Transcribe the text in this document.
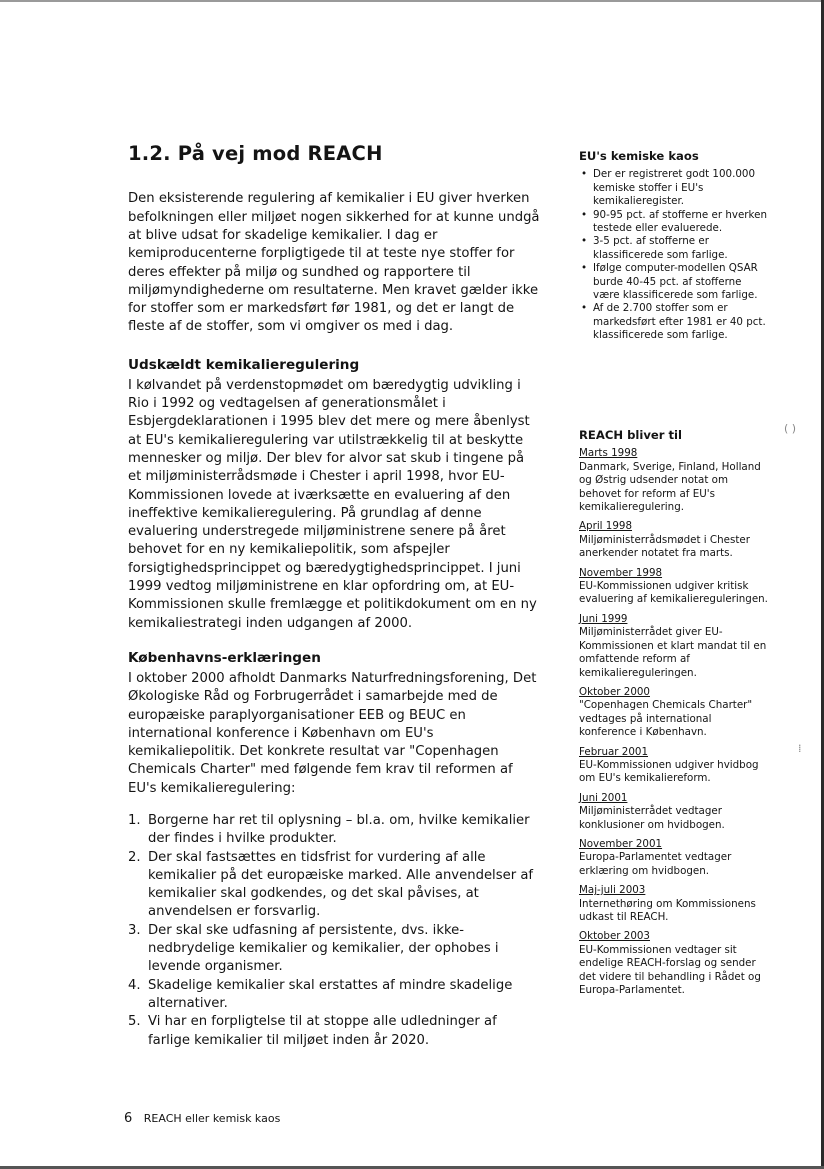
1.2. På vej mod REACH

Den eksisterende regulering af kemikalier i EU giver hverken befolkningen eller miljøet nogen sikkerhed for at kunne undgå at blive udsat for skadelige kemikalier. I dag er kemiproducenterne forpligtigede til at teste nye stoffer for deres effekter på miljø og sundhed og rapportere til miljømyndighederne om resultaterne. Men kravet gælder ikke for stoffer som er markedsført før 1981, og det er langt de fleste af de stoffer, som vi omgiver os med i dag.

Udskældt kemikalieregulering

I kølvandet på verdenstopmødet om bæredygtig udvikling i Rio i 1992 og vedtagelsen af generationsmålet i Esbjergdeklarationen i 1995 blev det mere og mere åbenlyst at EU's kemikalieregulering var utilstrækkelig til at beskytte mennesker og miljø. Der blev for alvor sat skub i tingene på et miljøministerrådsmøde i Chester i april 1998, hvor EU-Kommissionen lovede at iværksætte en evaluering af den ineffektive kemikalieregulering. På grundlag af denne evaluering understregede miljøministrene senere på året behovet for en ny kemikaliepolitik, som afspejler forsigtighedsprincippet og bæredygtighedsprincippet. I juni 1999 vedtog miljøministrene en klar opfordring om, at EU-Kommissionen skulle fremlægge et politikdokument om en ny kemikaliestrategi inden udgangen af 2000.

Københavns-erklæringen

I oktober 2000 afholdt Danmarks Naturfredningsforening, Det Økologiske Råd og Forbrugerrådet i samarbejde med de europæiske paraplyorganisationer EEB og BEUC en international konference i København om EU's kemikaliepolitik. Det konkrete resultat var "Copenhagen Chemicals Charter" med følgende fem krav til reformen af EU's kemikalieregulering:

1. Borgerne har ret til oplysning – bl.a. om, hvilke kemikalier der findes i hvilke produkter.
2. Der skal fastsættes en tidsfrist for vurdering af alle kemikalier på det europæiske marked. Alle anvendelser af kemikalier skal godkendes, og det skal påvises, at anvendelsen er forsvarlig.
3. Der skal ske udfasning af persistente, dvs. ikke-nedbrydelige kemikalier og kemikalier, der ophobes i levende organismer.
4. Skadelige kemikalier skal erstattes af mindre skadelige alternativer.
5. Vi har en forpligtelse til at stoppe alle udledninger af farlige kemikalier til miljøet inden år 2020.
EU's kemiske kaos
• Der er registreret godt 100.000 kemiske stoffer i EU's kemikalieregister.
• 90-95 pct. af stofferne er hverken testede eller evaluerede.
• 3-5 pct. af stofferne er klassificerede som farlige.
• Ifølge computer-modellen QSAR burde 40-45 pct. af stofferne være klassificerede som farlige.
• Af de 2.700 stoffer som er markedsført efter 1981 er 40 pct. klassificerede som farlige.
REACH bliver til
Marts 1998
Danmark, Sverige, Finland, Holland og Østrig udsender notat om behovet for reform af EU's kemikalieregulering.
April 1998
Miljøministerrådsmødet i Chester anerkender notatet fra marts.
November 1998
EU-Kommissionen udgiver kritisk evaluering af kemikaliereguleringen.
Juni 1999
Miljøministerrådet giver EU-Kommissionen et klart mandat til en omfattende reform af kemikaliereguleringen.
Oktober 2000
"Copenhagen Chemicals Charter" vedtages på international konference i København.
Februar 2001
EU-Kommissionen udgiver hvidbog om EU's kemikaliereform.
Juni 2001
Miljøministerrådet vedtager konklusioner om hvidbogen.
November 2001
Europa-Parlamentet vedtager erklæring om hvidbogen.
Maj-juli 2003
Internethøring om Kommissionens udkast til REACH.
Oktober 2003
EU-Kommissionen vedtager sit endelige REACH-forslag og sender det videre til behandling i Rådet og Europa-Parlamentet.
( )
⁞
6 REACH eller kemisk kaos
